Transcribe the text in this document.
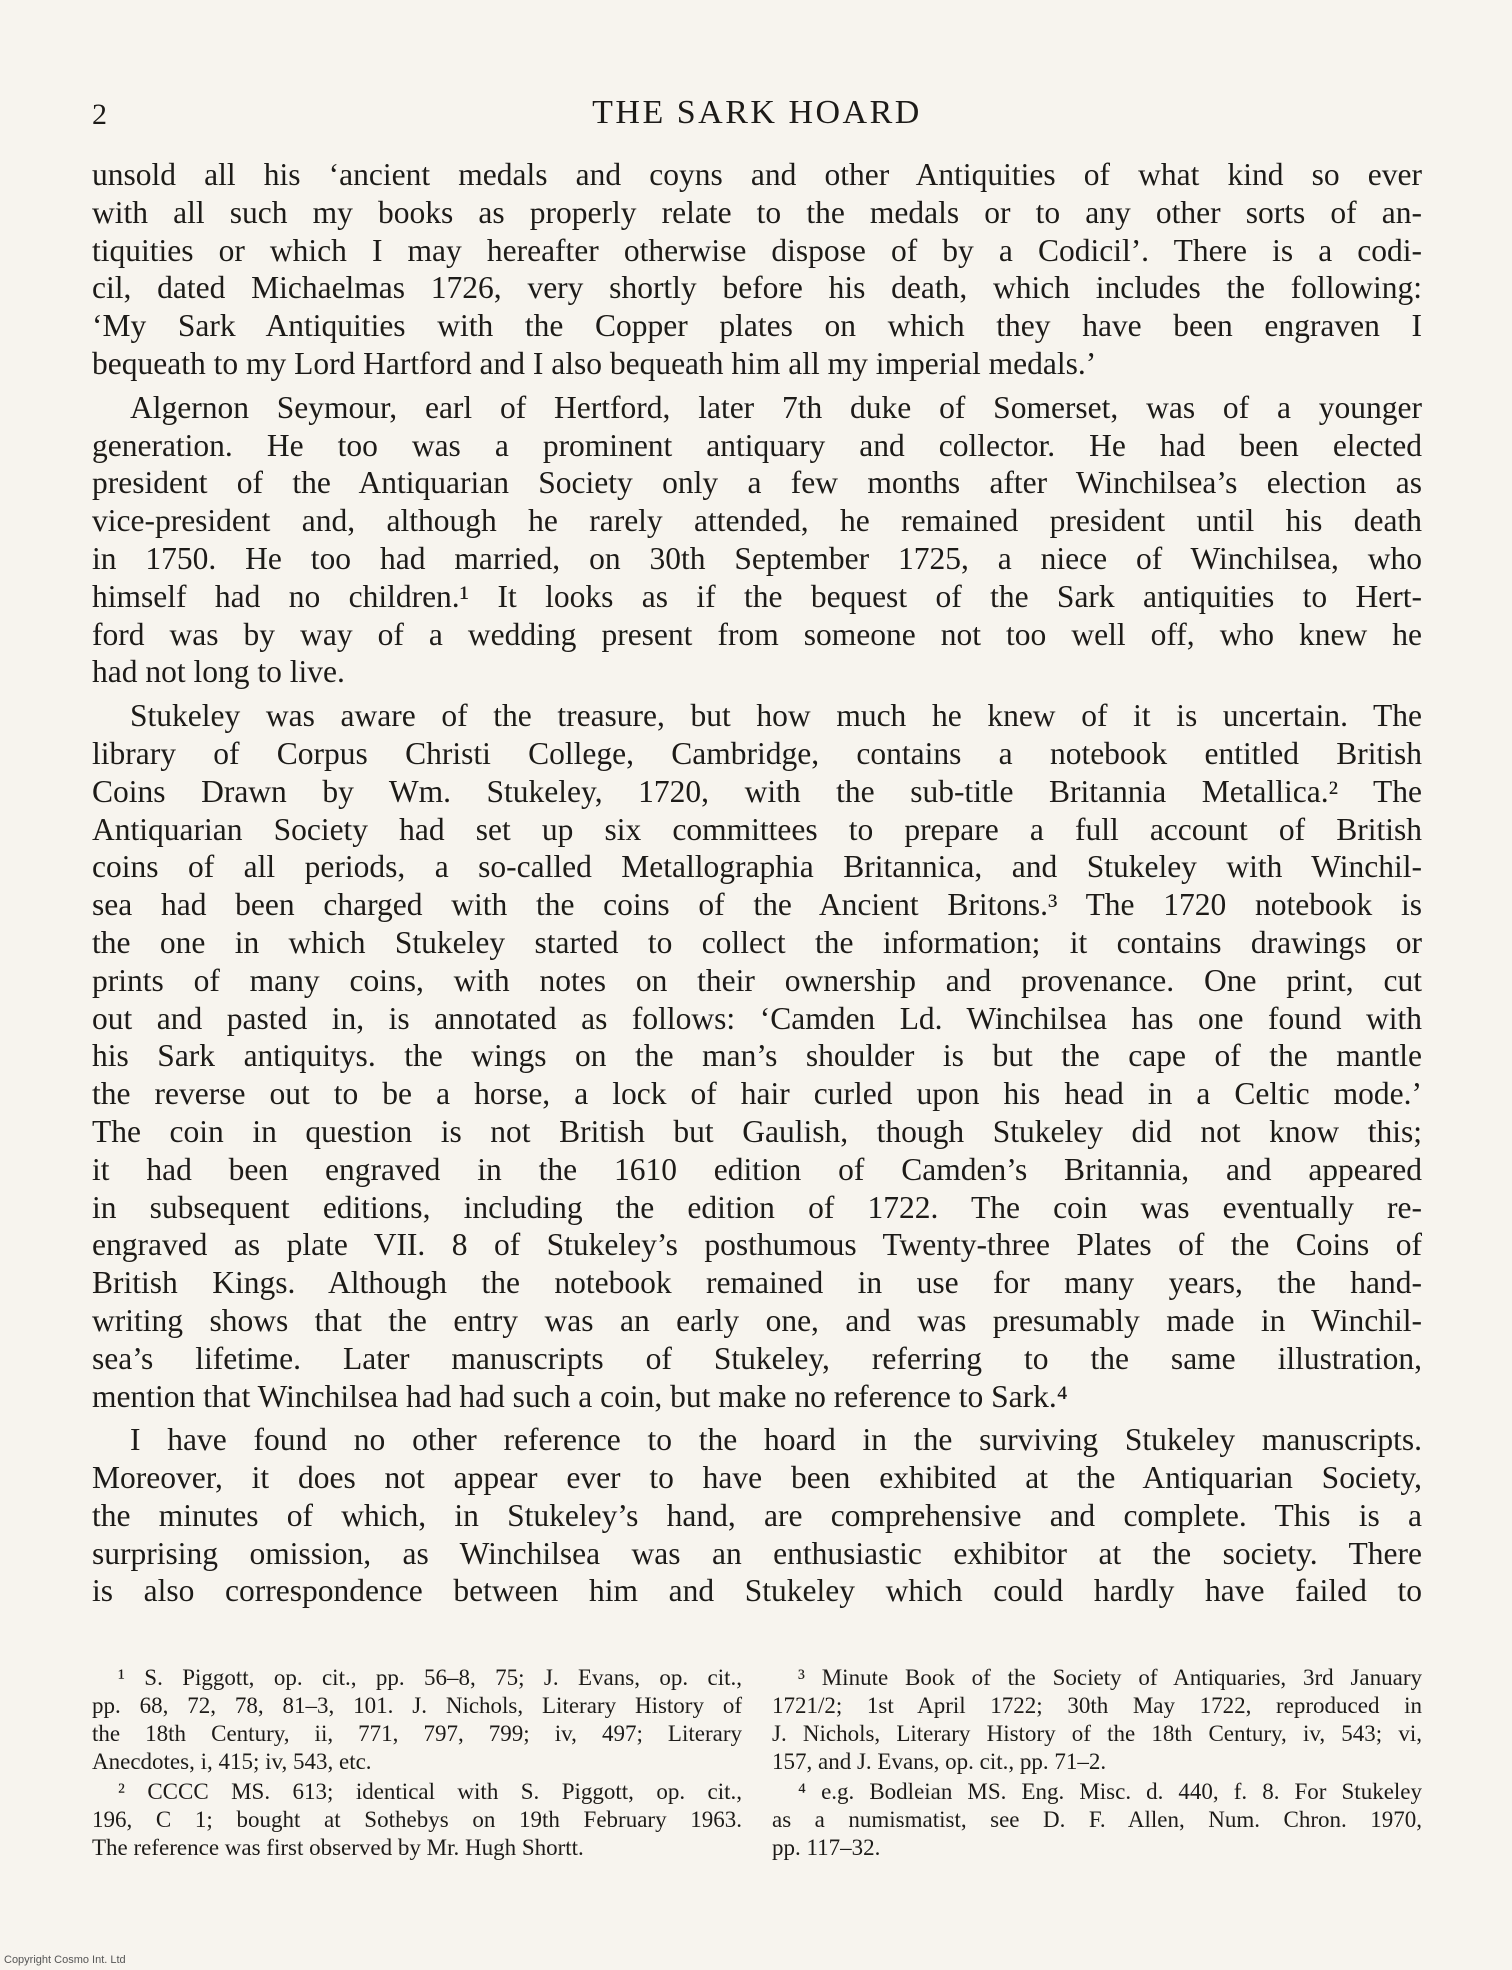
2	THE SARK HOARD

unsold all his ‘ancient medals and coyns and other Antiquities of what kind so ever
with all such my books as properly relate to the medals or to any other sorts of an-
tiquities or which I may hereafter otherwise dispose of by a Codicil’. There is a codi-
cil, dated Michaelmas 1726, very shortly before his death, which includes the following:
‘My Sark Antiquities with the Copper plates on which they have been engraven I
bequeath to my Lord Hartford and I also bequeath him all my imperial medals.’

Algernon Seymour, earl of Hertford, later 7th duke of Somerset, was of a younger
generation. He too was a prominent antiquary and collector. He had been elected
president of the Antiquarian Society only a few months after Winchilsea’s election as
vice-president and, although he rarely attended, he remained president until his death
in 1750. He too had married, on 30th September 1725, a niece of Winchilsea, who
himself had no children.¹ It looks as if the bequest of the Sark antiquities to Hert-
ford was by way of a wedding present from someone not too well off, who knew he
had not long to live.

Stukeley was aware of the treasure, but how much he knew of it is uncertain. The
library of Corpus Christi College, Cambridge, contains a notebook entitled British
Coins Drawn by Wm. Stukeley, 1720, with the sub-title Britannia Metallica.² The
Antiquarian Society had set up six committees to prepare a full account of British
coins of all periods, a so-called Metallographia Britannica, and Stukeley with Winchil-
sea had been charged with the coins of the Ancient Britons.³ The 1720 notebook is
the one in which Stukeley started to collect the information; it contains drawings or
prints of many coins, with notes on their ownership and provenance. One print, cut
out and pasted in, is annotated as follows: ‘Camden Ld. Winchilsea has one found with
his Sark antiquitys. the wings on the man’s shoulder is but the cape of the mantle
the reverse out to be a horse, a lock of hair curled upon his head in a Celtic mode.’
The coin in question is not British but Gaulish, though Stukeley did not know this;
it had been engraved in the 1610 edition of Camden’s Britannia, and appeared
in subsequent editions, including the edition of 1722. The coin was eventually re-
engraved as plate VII. 8 of Stukeley’s posthumous Twenty-three Plates of the Coins of
British Kings. Although the notebook remained in use for many years, the hand-
writing shows that the entry was an early one, and was presumably made in Winchil-
sea’s lifetime. Later manuscripts of Stukeley, referring to the same illustration,
mention that Winchilsea had had such a coin, but make no reference to Sark.⁴

I have found no other reference to the hoard in the surviving Stukeley manuscripts.
Moreover, it does not appear ever to have been exhibited at the Antiquarian Society,
the minutes of which, in Stukeley’s hand, are comprehensive and complete. This is a
surprising omission, as Winchilsea was an enthusiastic exhibitor at the society. There
is also correspondence between him and Stukeley which could hardly have failed to

¹ S. Piggott, op. cit., pp. 56–8, 75; J. Evans, op. cit.,
pp. 68, 72, 78, 81–3, 101. J. Nichols, Literary History of
the 18th Century, ii, 771, 797, 799; iv, 497; Literary
Anecdotes, i, 415; iv, 543, etc.
² CCCC MS. 613; identical with S. Piggott, op. cit.,
196, C 1; bought at Sothebys on 19th February 1963.
The reference was first observed by Mr. Hugh Shortt.
³ Minute Book of the Society of Antiquaries, 3rd January
1721/2; 1st April 1722; 30th May 1722, reproduced in
J. Nichols, Literary History of the 18th Century, iv, 543; vi,
157, and J. Evans, op. cit., pp. 71–2.
⁴ e.g. Bodleian MS. Eng. Misc. d. 440, f. 8. For Stukeley
as a numismatist, see D. F. Allen, Num. Chron. 1970,
pp. 117–32.
Copyright Cosmo Int. Ltd
